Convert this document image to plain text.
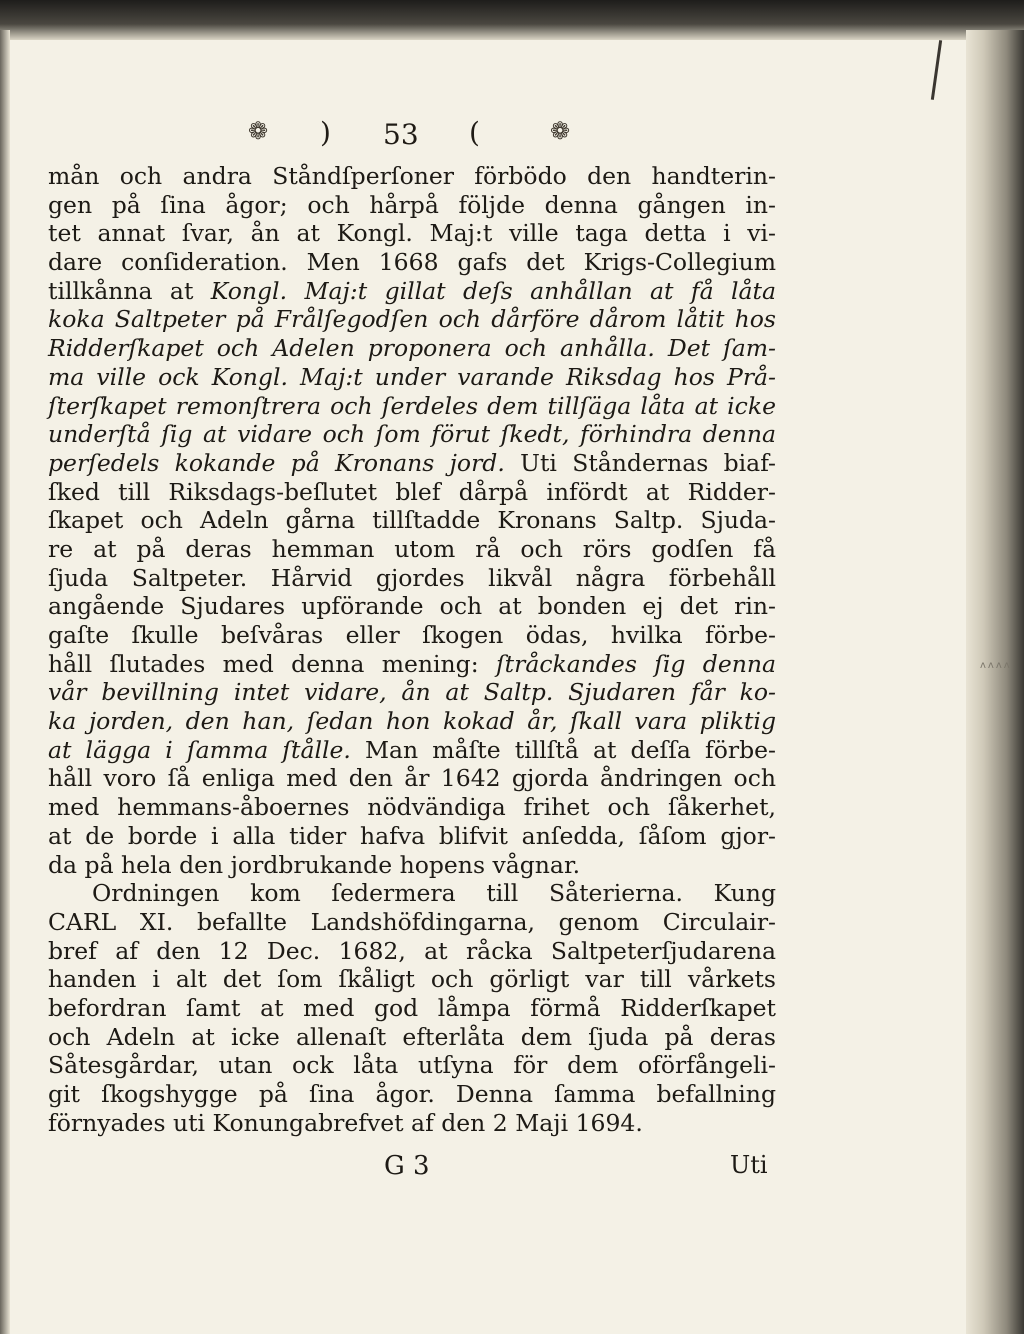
ᴧᴧᴧᴧ
❁ ) 53 (	❁
mån och andra Ståndſperſoner förbödo den handterin-
gen på ſina ågor; och hårpå följde denna gången in-
tet annat ſvar, ån at Kongl. Maj:t ville taga detta i vi-
dare conſideration. Men 1668 gafs det Krigs-Collegium
tillkånna at Kongl. Maj:t gillat deſs anhållan at få låta
koka Saltpeter på Frålſegodſen och dårföre dårom låtit hos
Ridderſkapet och Adelen proponera och anhålla. Det ſam-
ma ville ock Kongl. Maj:t under varande Riksdag hos Prå-
ſterſkapet remonſtrera och ſerdeles dem tillſäga låta at icke
underſtå ſig at vidare och ſom förut ſkedt, förhindra denna
perſedels kokande på Kronans jord. Uti Ståndernas biaf-
ſked till Riksdags-beſlutet blef dårpå infördt at Ridder-
ſkapet och Adeln gårna tillſtadde Kronans Saltp. Sjuda-
re at på deras hemman utom rå och rörs godſen få
ſjuda Saltpeter. Hårvid gjordes likvål några förbehåll
angående Sjudares upförande och at bonden ej det rin-
gaſte ſkulle beſvåras eller ſkogen ödas, hvilka förbe-
håll ſlutades med denna mening: ſtråckandes ſig denna
vår bevillning intet vidare, ån at Saltp. Sjudaren får ko-
ka jorden, den han, ſedan hon kokad år, ſkall vara pliktig
at lägga i ſamma ſtålle. Man måſte tillſtå at deſſa förbe-
håll voro ſå enliga med den år 1642 gjorda åndringen och
med hemmans-åboernes nödvändiga frihet och ſåkerhet,
at de borde i alla tider hafva blifvit anſedda, ſåſom gjor-
da på hela den jordbrukande hopens vågnar.
Ordningen kom ſedermera till Såterierna. Kung
CARL XI. befallte Landshöfdingarna, genom Circulair-
bref af den 12 Dec. 1682, at råcka Saltpeterſjudarena
handen i alt det ſom ſkåligt och görligt var till vårkets
befordran ſamt at med god låmpa förmå Ridderſkapet
och Adeln at icke allenaſt efterlåta dem ſjuda på deras
Såtesgårdar, utan ock låta utſyna för dem oförfångeli-
git ſkogshygge på ſina ågor. Denna ſamma befallning
förnyades uti Konungabrefvet af den 2 Maji 1694.
G 3	Uti
